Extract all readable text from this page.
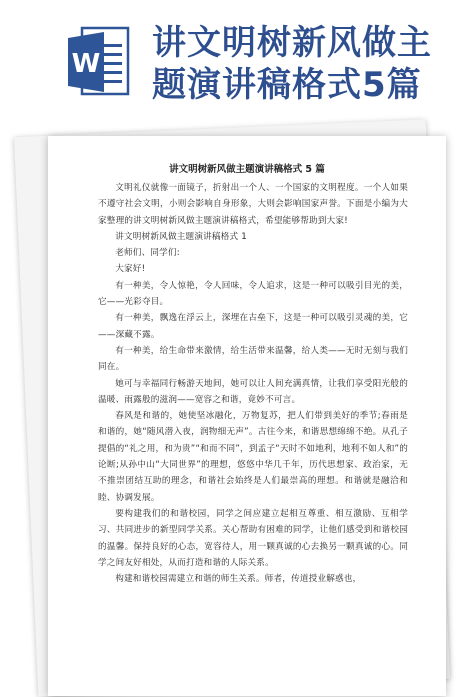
W
讲文明树新风做主
题演讲稿格式5篇
讲文明树新风做主题演讲稿格式 5 篇

文明礼仪就像一面镜子，折射出一个人、一个国家的文明程度。一个人如果不遵守社会文明，小则会影响自身形象，大则会影响国家声誉。下面是小编为大家整理的讲文明树新风做主题演讲稿格式，希望能够帮助到大家!

讲文明树新风做主题演讲稿格式 1

老师们、同学们:

大家好!

有一种美，令人惊艳，令人回味，令人追求，这是一种可以吸引目光的美，它——光彩夺目。

有一种美，飘逸在浮云上，深埋在古垒下，这是一种可以吸引灵魂的美，它——深藏不露。

有一种美，给生命带来激情，给生活带来温馨，给人类——无时无刻与我们同在。

她可与幸福同行畅游天地间，她可以让人间充满真情，让我们享受阳光般的温暖、雨露般的滋润——宽容之和谐，竟妙不可言。

春风是和谐的，她使坚冰融化，万物复苏，把人们带到美好的季节;春雨是和谐的，她“随风潜入夜，润物细无声”。古往今来，和谐思想绵绵不绝。从孔子提倡的“礼之用，和为贵”“和而不同”，到孟子“天时不如地利，地利不如人和”的论断;从孙中山“大同世界”的理想，悠悠中华几千年，历代思想家、政治家，无不推崇团结互助的理念，和谐社会始终是人们最崇高的理想。和谐就是融洽和睦、协调发展。

要构建我们的和谐校园，同学之间应建立起相互尊重、相互激励、互相学习、共同进步的新型同学关系。关心帮助有困难的同学，让他们感受到和谐校园的温馨。保持良好的心态，宽容待人，用一颗真诚的心去换另一颗真诚的心。同学之间友好相处，从而打造和谐的人际关系。

构建和谐校园需建立和谐的师生关系。师者，传道授业解惑也，
